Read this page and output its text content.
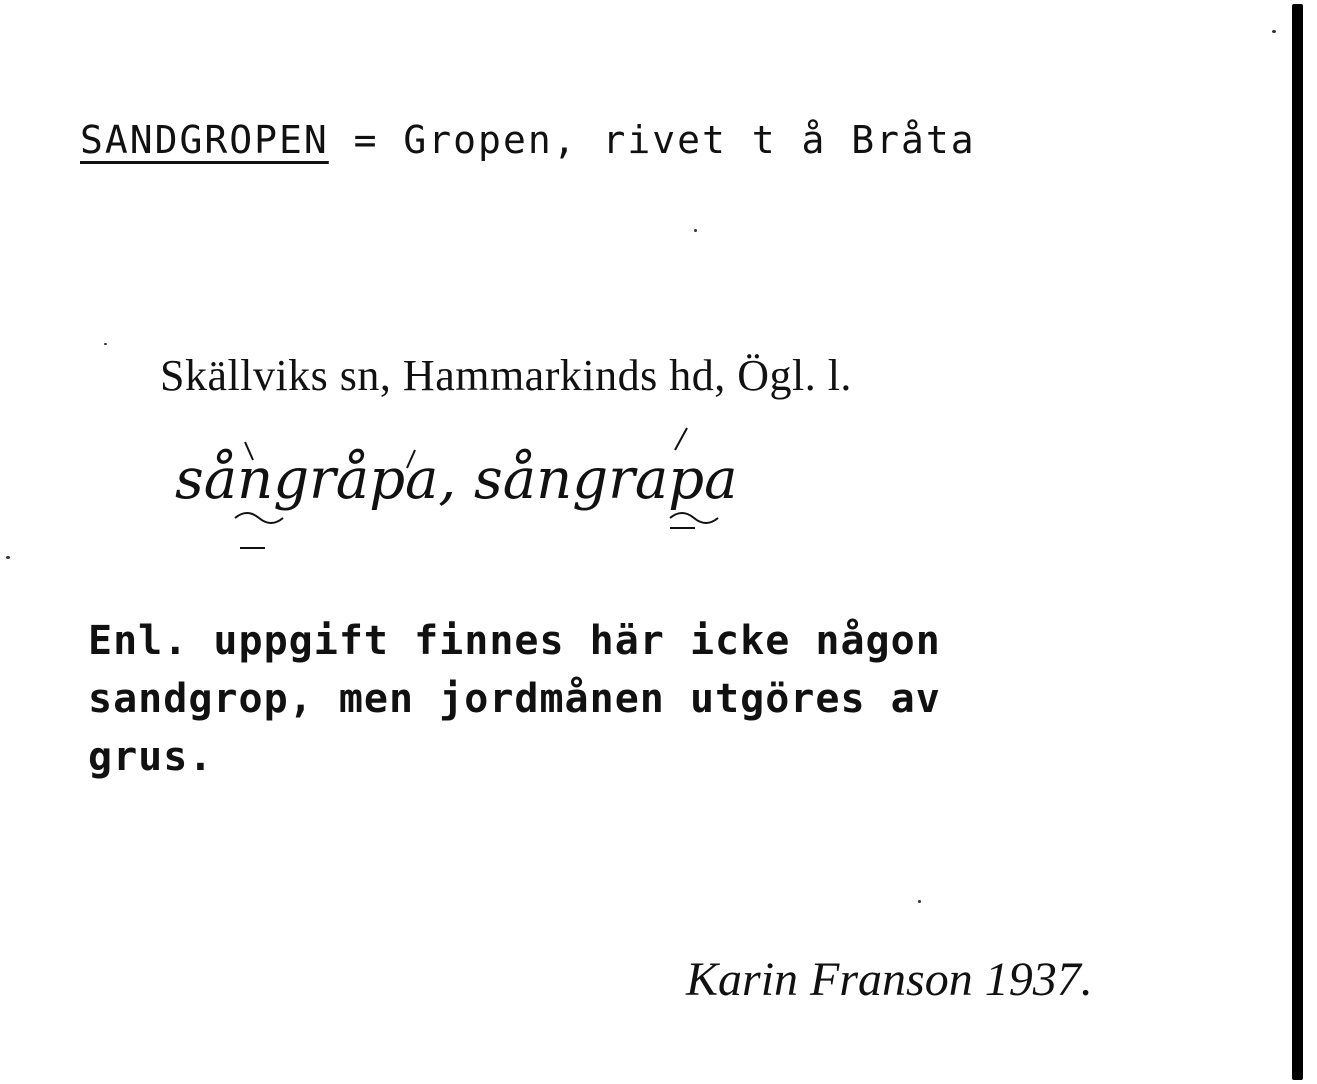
SANDGROPEN = Gropen, rivet t å Bråta
Skällviks sn, Hammarkinds hd, Ögl. l.
sångråpa, sångrapa
Enl. uppgift finnes här icke någon
sandgrop, men jordmånen utgöres av
grus.
Karin Franson 1937.
